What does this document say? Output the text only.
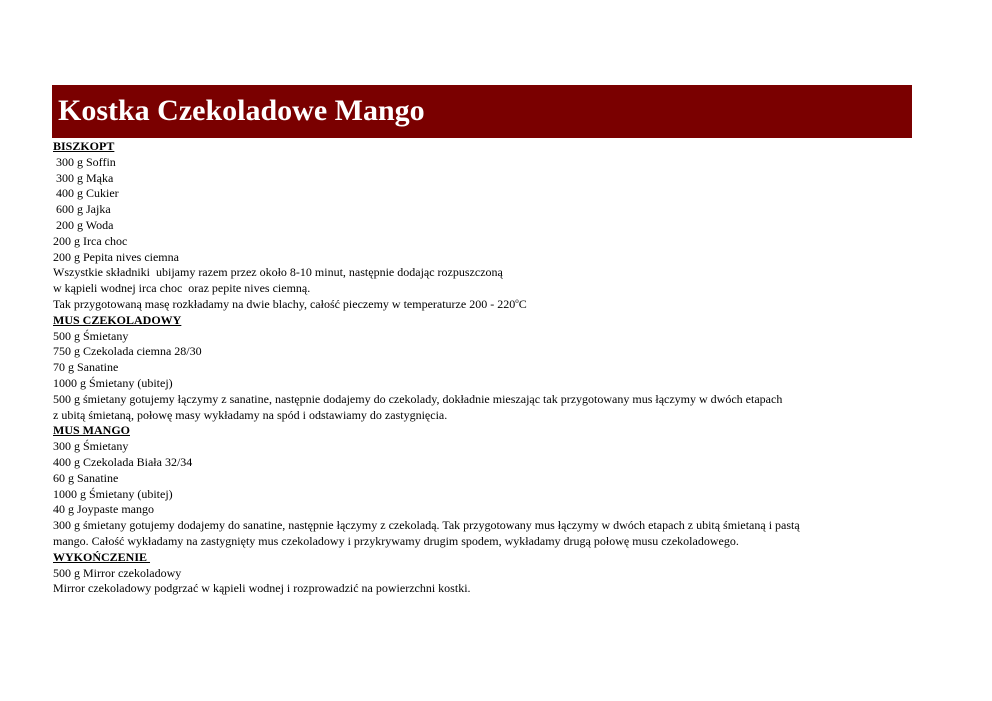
Kostka Czekoladowe Mango
BISZKOPT
300 g Soffin
300 g Mąka
400 g Cukier
600 g Jajka
200 g Woda
200 g Irca choc
200 g Pepita nives ciemna
Wszystkie składniki  ubijamy razem przez około 8-10 minut, następnie dodając rozpuszczoną
w kąpieli wodnej irca choc  oraz pepite nives ciemną.
Tak przygotowaną masę rozkładamy na dwie blachy, całość pieczemy w temperaturze 200 - 220$^o$C
MUS CZEKOLADOWY
500 g Śmietany
750 g Czekolada ciemna 28/30
70 g Sanatine
1000 g Śmietany (ubitej)
500 g śmietany gotujemy łączymy z sanatine, następnie dodajemy do czekolady, dokładnie mieszając tak przygotowany mus łączymy w dwóch etapach
z ubitą śmietaną, połowę masy wykładamy na spód i odstawiamy do zastygnięcia.
MUS MANGO
300 g Śmietany
400 g Czekolada Biała 32/34
60 g Sanatine
1000 g Śmietany (ubitej)
40 g Joypaste mango
300 g śmietany gotujemy dodajemy do sanatine, następnie łączymy z czekoladą. Tak przygotowany mus łączymy w dwóch etapach z ubitą śmietaną i pastą
mango. Całość wykładamy na zastygnięty mus czekoladowy i przykrywamy drugim spodem, wykładamy drugą połowę musu czekoladowego.
WYKOŃCZENIE
500 g Mirror czekoladowy
Mirror czekoladowy podgrzać w kąpieli wodnej i rozprowadzić na powierzchni kostki.
